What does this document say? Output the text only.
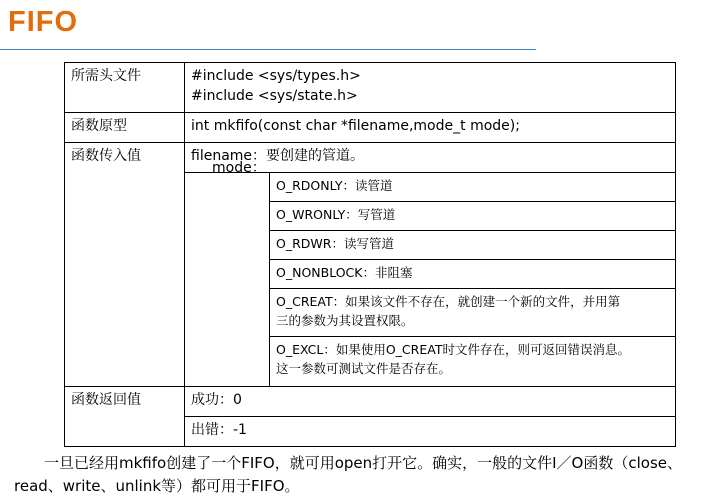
FIFO
所需头文件	#include <sys/types.h>
#include <sys/state.h>
函数原型	int mkfifo(const char *filename,mode_t mode);
函数传入值	filename：要创建的管道。
mode：
O_RDONLY：读管道
O_WRONLY：写管道
O_RDWR：读写管道
O_NONBLOCK：非阻塞
O_CREAT：如果该文件不存在，就创建一个新的文件，并用第
三的参数为其设置权限。
O_EXCL：如果使用O_CREAT时文件存在，则可返回错误消息。
这一参数可测试文件是否存在。
函数返回值	成功：0
出错：-1
一旦已经用mkfifo创建了一个FIFO，就可用open打开它。确实，一般的文件I／O函数（close、read、write、unlink等）都可用于FIFO。
